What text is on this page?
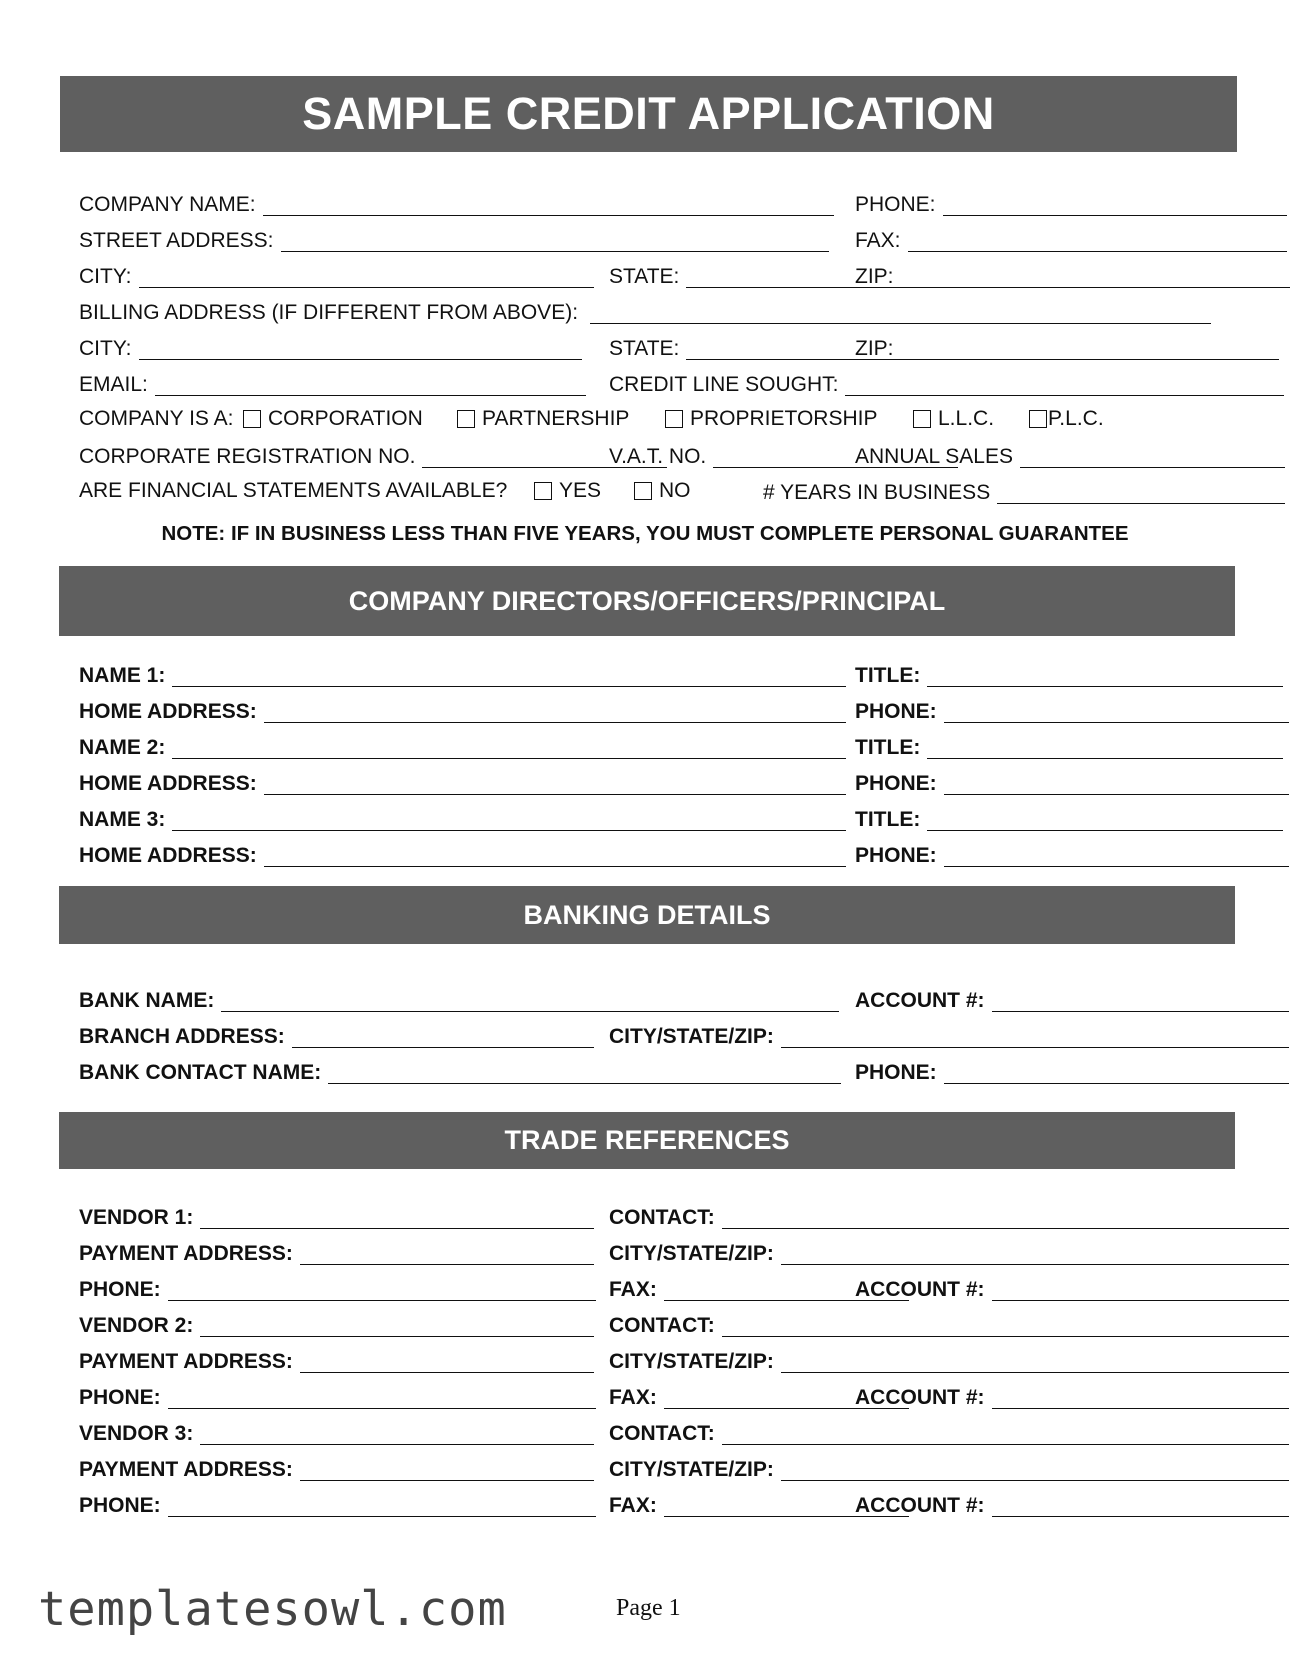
SAMPLE CREDIT APPLICATION
COMPANY NAME:	PHONE:
STREET ADDRESS:	FAX:
CITY:	STATE:	ZIP:
BILLING ADDRESS (IF DIFFERENT FROM ABOVE):
CITY:	STATE:	ZIP:
EMAIL:	CREDIT LINE SOUGHT:
COMPANY IS A: CORPORATION	PARTNERSHIP	PROPRIETORSHIP	L.L.C.	P.L.C.
CORPORATE REGISTRATION NO.	V.A.T. NO.	ANNUAL SALES
ARE FINANCIAL STATEMENTS AVAILABLE? YES	NO	# YEARS IN BUSINESS
NOTE: IF IN BUSINESS LESS THAN FIVE YEARS, YOU MUST COMPLETE PERSONAL GUARANTEE
COMPANY DIRECTORS/OFFICERS/PRINCIPAL
NAME 1:	TITLE:
HOME ADDRESS:	PHONE:
NAME 2:	TITLE:
HOME ADDRESS:	PHONE:
NAME 3:	TITLE:
HOME ADDRESS:	PHONE:
BANKING DETAILS
BANK NAME:	ACCOUNT #:
BRANCH ADDRESS:	CITY/STATE/ZIP:
BANK CONTACT NAME:	PHONE:
TRADE REFERENCES
VENDOR 1:	CONTACT:
PAYMENT ADDRESS:	CITY/STATE/ZIP:
PHONE:	FAX:	ACCOUNT #:
VENDOR 2:	CONTACT:
PAYMENT ADDRESS:	CITY/STATE/ZIP:
PHONE:	FAX:	ACCOUNT #:
VENDOR 3:	CONTACT:
PAYMENT ADDRESS:	CITY/STATE/ZIP:
PHONE:	FAX:	ACCOUNT #:
templatesowl.com	Page 1
